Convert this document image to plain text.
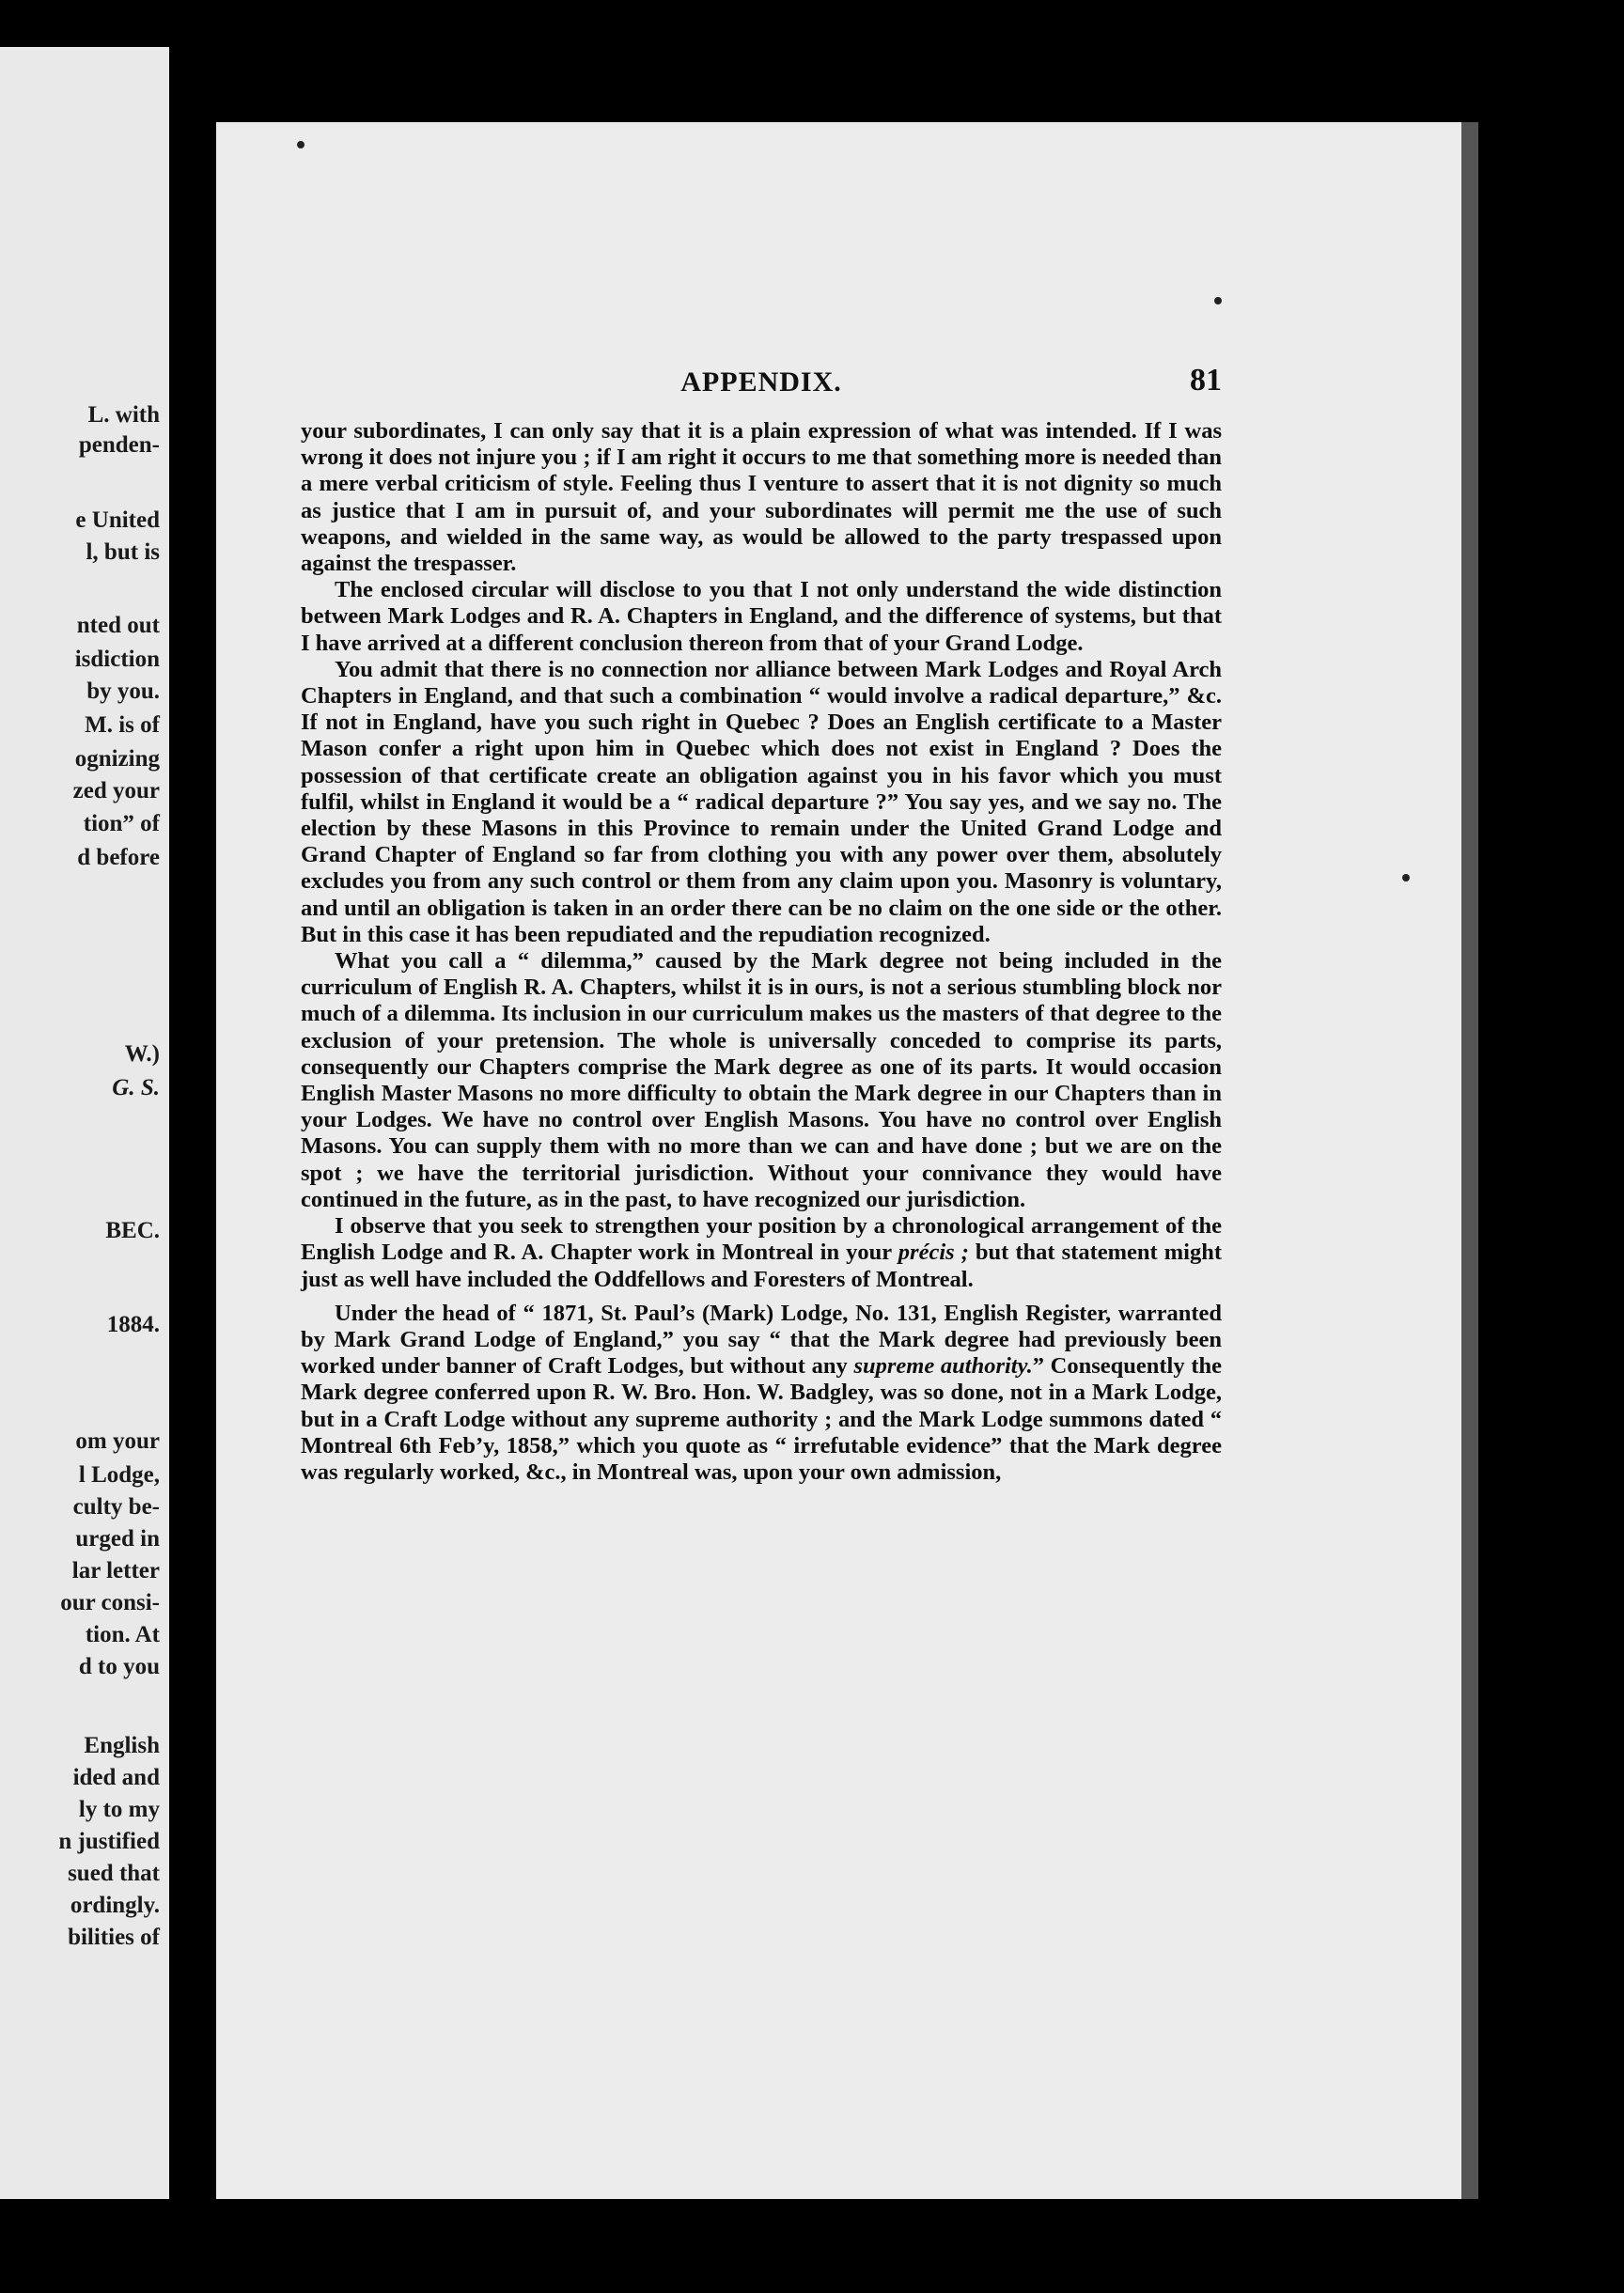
L. with
penden-
e United
l, but is
nted out
isdiction
by you.
M. is of
ognizing
zed your
tion” of
d before
W.)
G. S.
BEC.
1884.
om your
l Lodge,
culty be-
urged in
lar letter
our consi-
tion. At
d to you
English
ided and
ly to my
n justified
sued that
ordingly.
bilities of
APPENDIX.	81

your subordinates, I can only say that it is a plain expression of what was intended. If I was wrong it does not injure you ; if I am right it occurs to me that something more is needed than a mere verbal criticism of style. Feeling thus I venture to assert that it is not dignity so much as justice that I am in pursuit of, and your subordinates will permit me the use of such weapons, and wielded in the same way, as would be allowed to the party trespassed upon against the trespasser.

The enclosed circular will disclose to you that I not only understand the wide distinction between Mark Lodges and R. A. Chapters in England, and the difference of systems, but that I have arrived at a different conclusion thereon from that of your Grand Lodge.

You admit that there is no connection nor alliance between Mark Lodges and Royal Arch Chapters in England, and that such a combination “ would involve a radical departure,” &c. If not in England, have you such right in Quebec ? Does an English certificate to a Master Mason confer a right upon him in Quebec which does not exist in England ? Does the possession of that certificate create an obligation against you in his favor which you must fulfil, whilst in England it would be a “ radical departure ?” You say yes, and we say no. The election by these Masons in this Province to remain under the United Grand Lodge and Grand Chapter of England so far from clothing you with any power over them, absolutely excludes you from any such control or them from any claim upon you. Masonry is voluntary, and until an obligation is taken in an order there can be no claim on the one side or the other. But in this case it has been repudiated and the repudiation recognized.

What you call a “ dilemma,” caused by the Mark degree not being included in the curriculum of English R. A. Chapters, whilst it is in ours, is not a serious stumbling block nor much of a dilemma. Its inclusion in our curriculum makes us the masters of that degree to the exclusion of your pretension. The whole is universally conceded to comprise its parts, consequently our Chapters comprise the Mark degree as one of its parts. It would occasion English Master Masons no more difficulty to obtain the Mark degree in our Chapters than in your Lodges. We have no control over English Masons. You have no control over English Masons. You can supply them with no more than we can and have done ; but we are on the spot ; we have the territorial jurisdiction. Without your connivance they would have continued in the future, as in the past, to have recognized our jurisdiction.

I observe that you seek to strengthen your position by a chronological arrangement of the English Lodge and R. A. Chapter work in Montreal in your précis ; but that statement might just as well have included the Oddfellows and Foresters of Montreal.

Under the head of “ 1871, St. Paul’s (Mark) Lodge, No. 131, English Register, warranted by Mark Grand Lodge of England,” you say “ that the Mark degree had previously been worked under banner of Craft Lodges, but without any supreme authority.” Consequently the Mark degree conferred upon R. W. Bro. Hon. W. Badgley, was so done, not in a Mark Lodge, but in a Craft Lodge without any supreme authority ; and the Mark Lodge summons dated “ Montreal 6th Feb’y, 1858,” which you quote as “ irrefutable evidence” that the Mark degree was regularly worked, &c., in Montreal was, upon your own admission,
